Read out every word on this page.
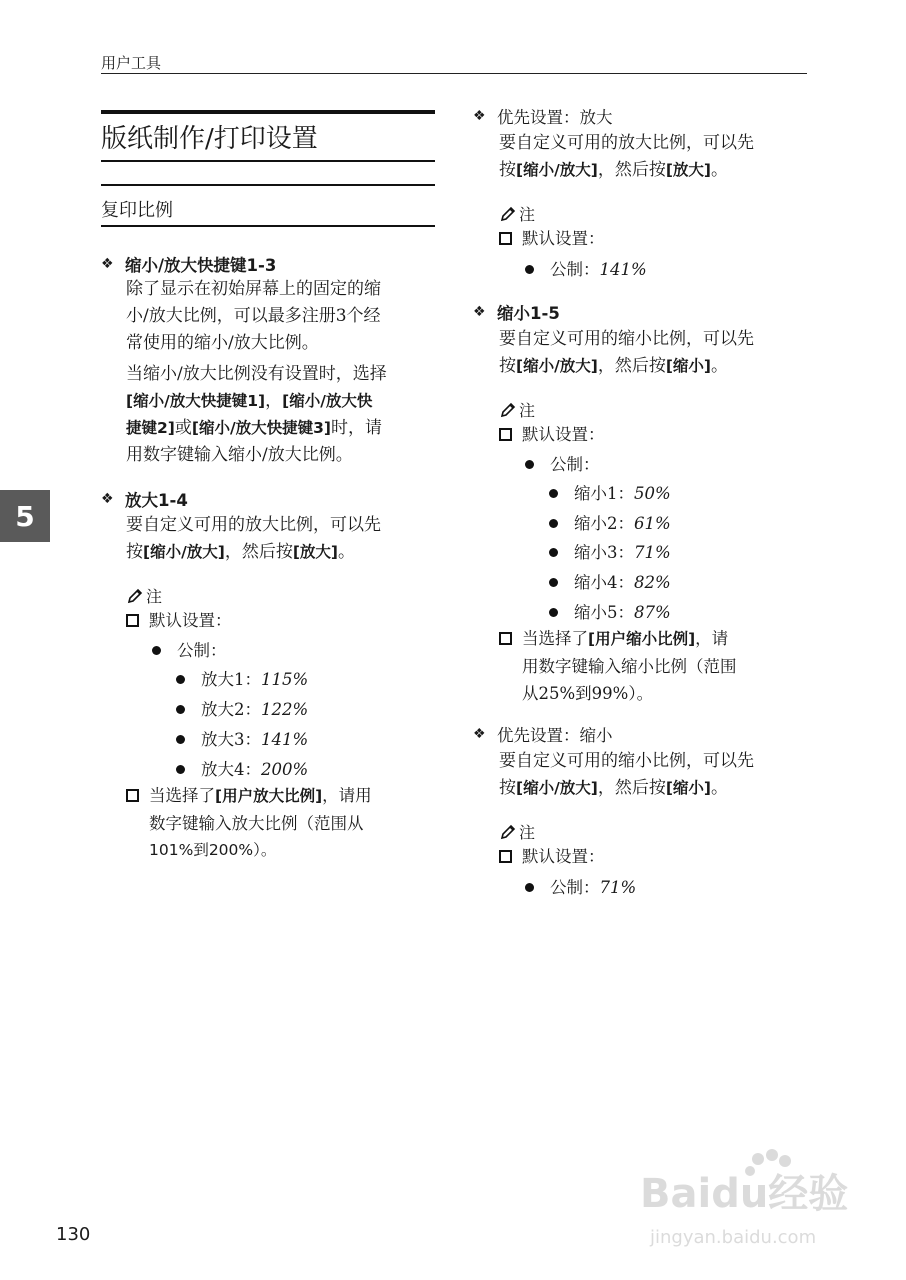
用户工具
5
130
版纸制作/打印设置
复印比例
❖ 缩小/放大快捷键1-3
除了显示在初始屏幕上的固定的缩
小/放大比例，可以最多注册3个经
常使用的缩小/放大比例。
当缩小/放大比例没有设置时，选择
[缩小/放大快捷键1]，[缩小/放大快
捷键2]或[缩小/放大快捷键3]时，请
用数字键输入缩小/放大比例。
❖ 放大1-4
要自定义可用的放大比例，可以先
按[缩小/放大]，然后按[放大]。
注
默认设置：
公制：
放大1： 115%
放大2： 122%
放大3： 141%
放大4： 200%
当选择了[用户放大比例]，请用
数字键输入放大比例（范围从
101%到200%）。
❖ 优先设置：放大
要自定义可用的放大比例，可以先
按[缩小/放大]，然后按[放大]。
注
默认设置：
公制： 141%
❖ 缩小1-5
要自定义可用的缩小比例，可以先
按[缩小/放大]，然后按[缩小]。
注
默认设置：
公制：
缩小1： 50%
缩小2： 61%
缩小3： 71%
缩小4： 82%
缩小5： 87%
当选择了[用户缩小比例]，请
用数字键输入缩小比例（范围
从25%到99%）。
❖ 优先设置：缩小
要自定义可用的缩小比例，可以先
按[缩小/放大]，然后按[缩小]。
注
默认设置：
公制： 71%
Baidu经验
jingyan.baidu.com
